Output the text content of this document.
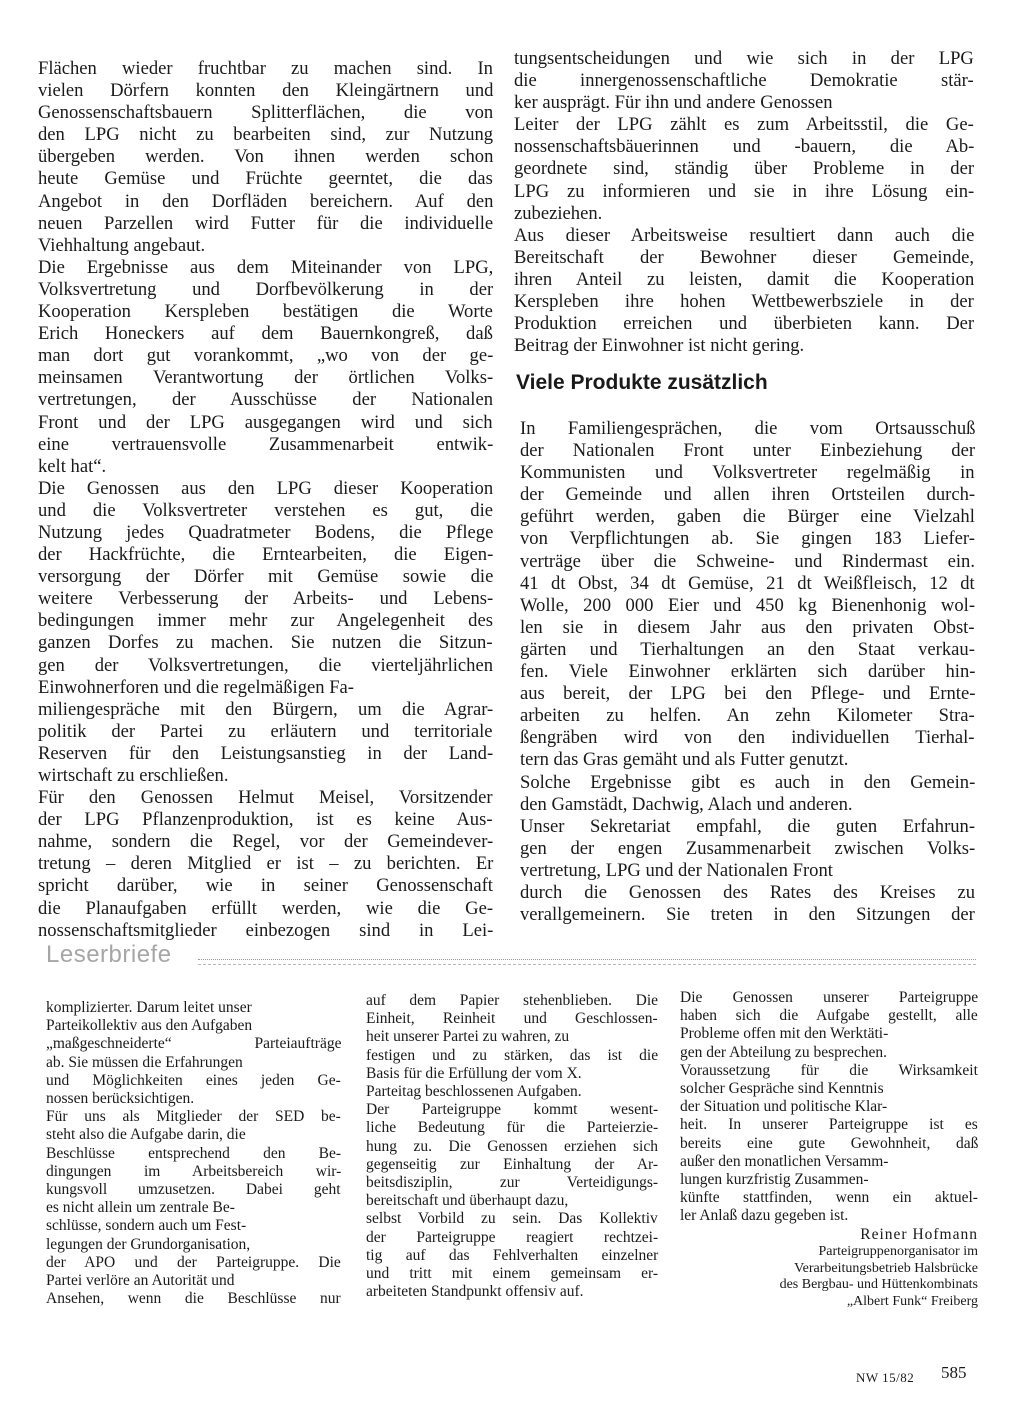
Flächen wieder fruchtbar zu machen sind. In
vielen Dörfern konnten den Kleingärtnern und
Genossenschaftsbauern Splitterflächen, die von
den LPG nicht zu bearbeiten sind, zur Nutzung
übergeben werden. Von ihnen werden schon
heute Gemüse und Früchte geerntet, die das
Angebot in den Dorfläden bereichern. Auf den
neuen Parzellen wird Futter für die individuelle
Viehhaltung angebaut.
Die Ergebnisse aus dem Miteinander von LPG,
Volksvertretung und Dorfbevölkerung in der
Kooperation Kerspleben bestätigen die Worte
Erich Honeckers auf dem Bauernkongreß, daß
man dort gut vorankommt, „wo von der ge-
meinsamen Verantwortung der örtlichen Volks-
vertretungen, der Ausschüsse der Nationalen
Front und der LPG ausgegangen wird und sich
eine vertrauensvolle Zusammenarbeit entwik-
kelt hat“.
Die Genossen aus den LPG dieser Kooperation
und die Volksvertreter verstehen es gut, die
Nutzung jedes Quadratmeter Bodens, die Pflege
der Hackfrüchte, die Erntearbeiten, die Eigen-
versorgung der Dörfer mit Gemüse sowie die
weitere Verbesserung der Arbeits- und Lebens-
bedingungen immer mehr zur Angelegenheit des
ganzen Dorfes zu machen. Sie nutzen die Sitzun-
gen der Volksvertretungen, die vierteljährlichen
Einwohnerforen und die regelmäßigen Fa-
miliengespräche mit den Bürgern, um die Agrar-
politik der Partei zu erläutern und territoriale
Reserven für den Leistungsanstieg in der Land-
wirtschaft zu erschließen.
Für den Genossen Helmut Meisel, Vorsitzender
der LPG Pflanzenproduktion, ist es keine Aus-
nahme, sondern die Regel, vor der Gemeindever-
tretung – deren Mitglied er ist – zu berichten. Er
spricht darüber, wie in seiner Genossenschaft
die Planaufgaben erfüllt werden, wie die Ge-
nossenschaftsmitglieder einbezogen sind in Lei-
tungsentscheidungen und wie sich in der LPG
die innergenossenschaftliche Demokratie stär-
ker ausprägt. Für ihn und andere Genossen
Leiter der LPG zählt es zum Arbeitsstil, die Ge-
nossenschaftsbäuerinnen und -bauern, die Ab-
geordnete sind, ständig über Probleme in der
LPG zu informieren und sie in ihre Lösung ein-
zubeziehen.
Aus dieser Arbeitsweise resultiert dann auch die
Bereitschaft der Bewohner dieser Gemeinde,
ihren Anteil zu leisten, damit die Kooperation
Kerspleben ihre hohen Wettbewerbsziele in der
Produktion erreichen und überbieten kann. Der
Beitrag der Einwohner ist nicht gering.
Viele Produkte zusätzlich
In Familiengesprächen, die vom Ortsausschuß
der Nationalen Front unter Einbeziehung der
Kommunisten und Volksvertreter regelmäßig in
der Gemeinde und allen ihren Ortsteilen durch-
geführt werden, gaben die Bürger eine Vielzahl
von Verpflichtungen ab. Sie gingen 183 Liefer-
verträge über die Schweine- und Rindermast ein.
41 dt Obst, 34 dt Gemüse, 21 dt Weißfleisch, 12 dt
Wolle, 200 000 Eier und 450 kg Bienenhonig wol-
len sie in diesem Jahr aus den privaten Obst-
gärten und Tierhaltungen an den Staat verkau-
fen. Viele Einwohner erklärten sich darüber hin-
aus bereit, der LPG bei den Pflege- und Ernte-
arbeiten zu helfen. An zehn Kilometer Stra-
ßengräben wird von den individuellen Tierhal-
tern das Gras gemäht und als Futter genutzt.
Solche Ergebnisse gibt es auch in den Gemein-
den Gamstädt, Dachwig, Alach und anderen.
Unser Sekretariat empfahl, die guten Erfahrun-
gen der engen Zusammenarbeit zwischen Volks-
vertretung, LPG und der Nationalen Front
durch die Genossen des Rates des Kreises zu
verallgemeinern. Sie treten in den Sitzungen der
Leserbriefe
komplizierter. Darum leitet unser
Parteikollektiv aus den Aufgaben
„maßgeschneiderte“ Parteiaufträge
ab. Sie müssen die Erfahrungen
und Möglichkeiten eines jeden Ge-
nossen berücksichtigen.
Für uns als Mitglieder der SED be-
steht also die Aufgabe darin, die
Beschlüsse entsprechend den Be-
dingungen im Arbeitsbereich wir-
kungsvoll umzusetzen. Dabei geht
es nicht allein um zentrale Be-
schlüsse, sondern auch um Fest-
legungen der Grundorganisation,
der APO und der Parteigruppe. Die
Partei verlöre an Autorität und
Ansehen, wenn die Beschlüsse nur
auf dem Papier stehenblieben. Die
Einheit, Reinheit und Geschlossen-
heit unserer Partei zu wahren, zu
festigen und zu stärken, das ist die
Basis für die Erfüllung der vom X.
Parteitag beschlossenen Aufgaben.
Der Parteigruppe kommt wesent-
liche Bedeutung für die Parteierzie-
hung zu. Die Genossen erziehen sich
gegenseitig zur Einhaltung der Ar-
beitsdisziplin, zur Verteidigungs-
bereitschaft und überhaupt dazu,
selbst Vorbild zu sein. Das Kollektiv
der Parteigruppe reagiert rechtzei-
tig auf das Fehlverhalten einzelner
und tritt mit einem gemeinsam er-
arbeiteten Standpunkt offensiv auf.
Die Genossen unserer Parteigruppe
haben sich die Aufgabe gestellt, alle
Probleme offen mit den Werktäti-
gen der Abteilung zu besprechen.
Voraussetzung für die Wirksamkeit
solcher Gespräche sind Kenntnis
der Situation und politische Klar-
heit. In unserer Parteigruppe ist es
bereits eine gute Gewohnheit, daß
außer den monatlichen Versamm-
lungen kurzfristig Zusammen-
künfte stattfinden, wenn ein aktuel-
ler Anlaß dazu gegeben ist.
Reiner Hofmann
Parteigruppenorganisator im
Verarbeitungsbetrieb Halsbrücke
des Bergbau- und Hüttenkombinats
„Albert Funk“ Freiberg
NW 15/82 585
